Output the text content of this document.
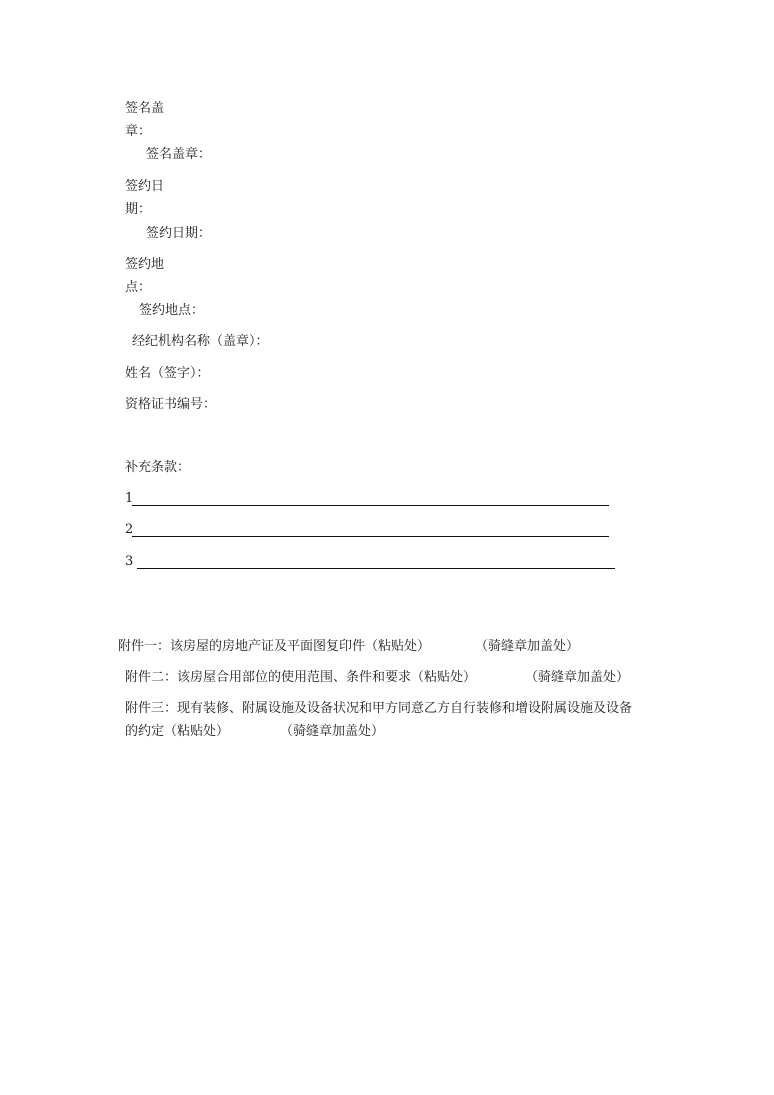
签名盖
章：
签名盖章：
签约日
期：
签约日期：
签约地
点：
签约地点：
经纪机构名称（盖章）：
姓名（签字）：
资格证书编号：
补充条款：
1
2
3
附件一：该房屋的房地产证及平面图复印件（粘贴处）	（骑缝章加盖处）
附件二：该房屋合用部位的使用范围、条件和要求（粘贴处）	（骑缝章加盖处）
附件三：现有装修、附属设施及设备状况和甲方同意乙方自行装修和增设附属设施及设备
的约定（粘贴处）	（骑缝章加盖处）
